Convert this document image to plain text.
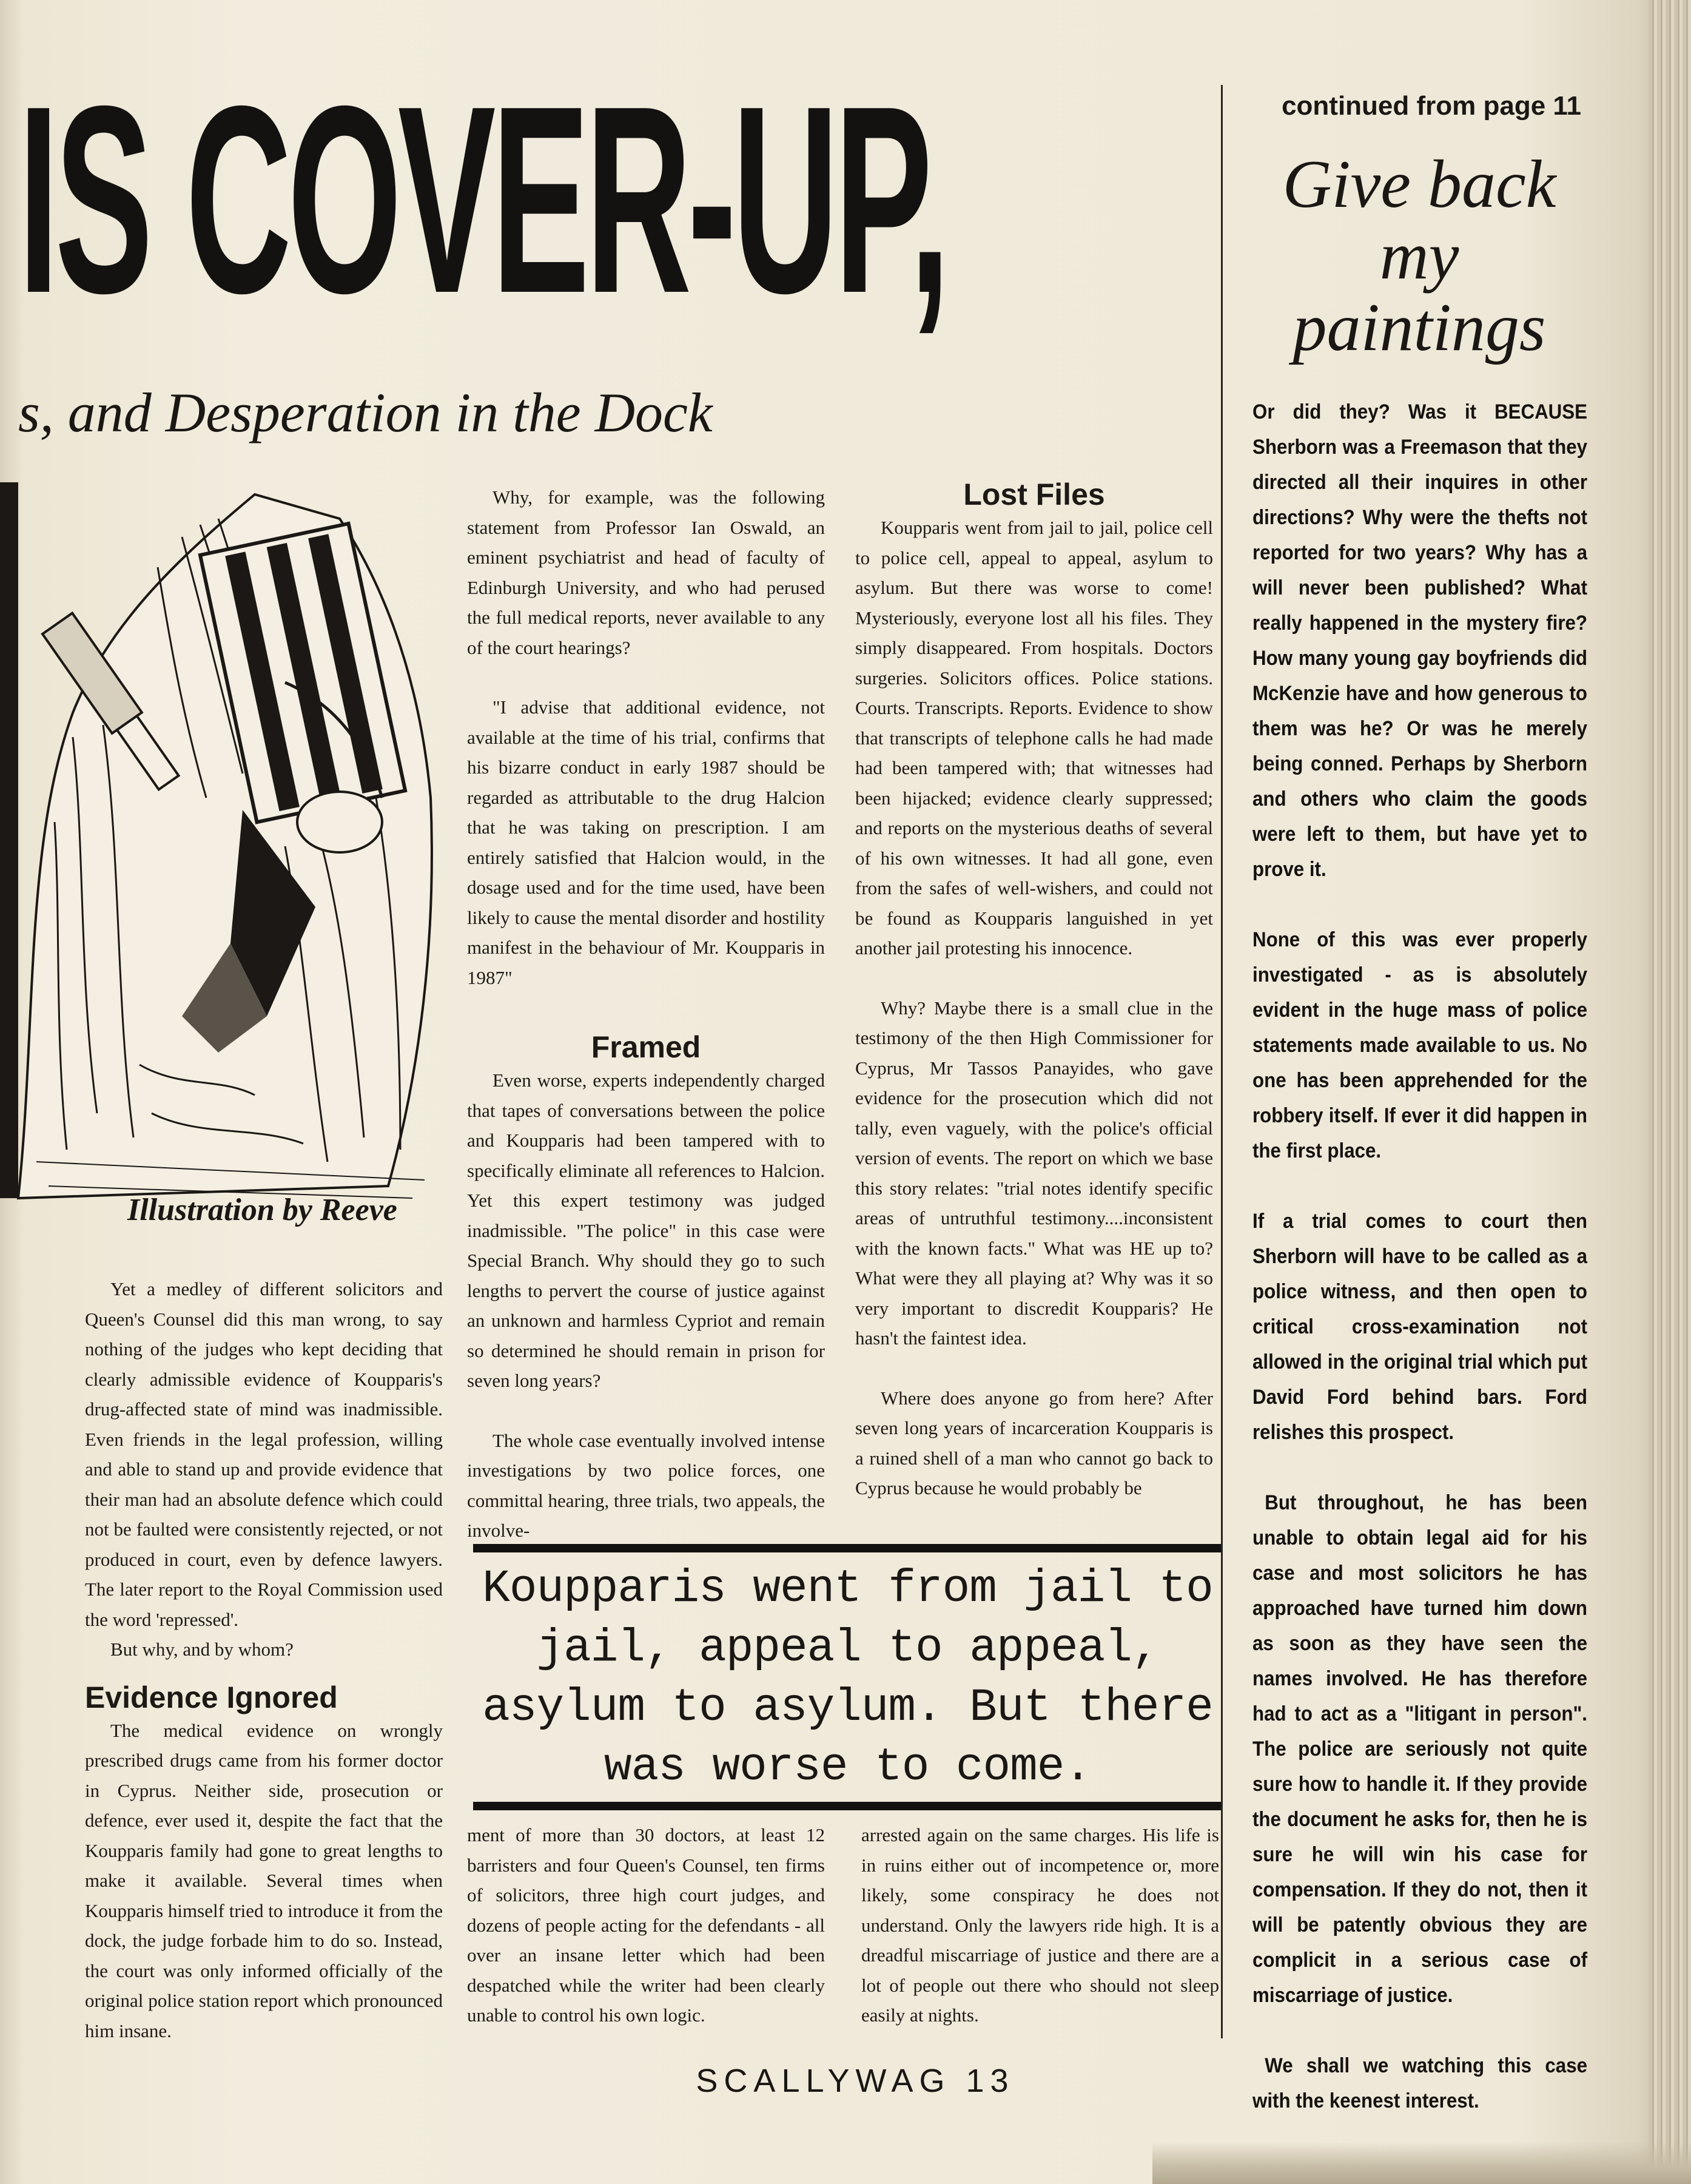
IS COVER-UP,
s, and Desperation in the Dock
Illustration by Reeve

Yet a medley of different solicitors and Queen's Counsel did this man wrong, to say nothing of the judges who kept deciding that clearly admissible evidence of Koupparis's drug-affected state of mind was inadmissible. Even friends in the legal profession, willing and able to stand up and provide evidence that their man had an absolute defence which could not be faulted were consistently rejected, or not produced in court, even by defence lawyers. The later report to the Royal Commission used the word 'repressed'.

But why, and by whom?

Evidence Ignored

The medical evidence on wrongly prescribed drugs came from his former doctor in Cyprus. Neither side, prosecution or defence, ever used it, despite the fact that the Koupparis family had gone to great lengths to make it available. Several times when Koupparis himself tried to introduce it from the dock, the judge forbade him to do so. Instead, the court was only informed officially of the original police station report which pronounced him insane.

Why, for example, was the following statement from Professor Ian Oswald, an eminent psychiatrist and head of faculty of Edinburgh University, and who had perused the full medical reports, never available to any of the court hearings?

"I advise that additional evidence, not available at the time of his trial, confirms that his bizarre conduct in early 1987 should be regarded as attributable to the drug Halcion that he was taking on prescription. I am entirely satisfied that Halcion would, in the dosage used and for the time used, have been likely to cause the mental disorder and hostility manifest in the behaviour of Mr. Koupparis in 1987"

Framed

Even worse, experts independently charged that tapes of conversations between the police and Koupparis had been tampered with to specifically eliminate all references to Halcion. Yet this expert testimony was judged inadmissible. "The police" in this case were Special Branch. Why should they go to such lengths to pervert the course of justice against an unknown and harmless Cypriot and remain so determined he should remain in prison for seven long years?

The whole case eventually involved intense investigations by two police forces, one committal hearing, three trials, two appeals, the involve-

ment of more than 30 doctors, at least 12 barristers and four Queen's Counsel, ten firms of solicitors, three high court judges, and dozens of people acting for the defendants - all over an insane letter which had been despatched while the writer had been clearly unable to control his own logic.

Lost Files

Koupparis went from jail to jail, police cell to police cell, appeal to appeal, asylum to asylum. But there was worse to come! Mysteriously, everyone lost all his files. They simply disappeared. From hospitals. Doctors surgeries. Solicitors offices. Police stations. Courts. Transcripts. Reports. Evidence to show that transcripts of telephone calls he had made had been tampered with; that witnesses had been hijacked; evidence clearly suppressed; and reports on the mysterious deaths of several of his own witnesses. It had all gone, even from the safes of well-wishers, and could not be found as Koupparis languished in yet another jail protesting his innocence.

Why? Maybe there is a small clue in the testimony of the then High Commissioner for Cyprus, Mr Tassos Panayides, who gave evidence for the prosecution which did not tally, even vaguely, with the police's official version of events. The report on which we base this story relates: "trial notes identify specific areas of untruthful testimony....inconsistent with the known facts." What was HE up to? What were they all playing at? Why was it so very important to discredit Koupparis? He hasn't the faintest idea.

Where does anyone go from here? After seven long years of incarceration Koupparis is a ruined shell of a man who cannot go back to Cyprus because he would probably be

arrested again on the same charges. His life is in ruins either out of incompetence or, more likely, some conspiracy he does not understand. Only the lawyers ride high. It is a dreadful miscarriage of justice and there are a lot of people out there who should not sleep easily at nights.

Koupparis went from jail to jail, appeal to appeal, asylum to asylum. But there was worse to come.
continued from page 11
Give back
my
paintings

Or did they? Was it BECAUSE Sherborn was a Freemason that they directed all their inquires in other directions? Why were the thefts not reported for two years? Why has a will never been published? What really happened in the mystery fire? How many young gay boyfriends did McKenzie have and how generous to them was he? Or was he merely being conned. Perhaps by Sherborn and others who claim the goods were left to them, but have yet to prove it.

None of this was ever properly investigated - as is absolutely evident in the huge mass of police statements made available to us. No one has been apprehended for the robbery itself. If ever it did happen in the first place.

If a trial comes to court then Sherborn will have to be called as a police witness, and then open to critical cross-examination not allowed in the original trial which put David Ford behind bars. Ford relishes this prospect.

But throughout, he has been unable to obtain legal aid for his case and most solicitors he has approached have turned him down as soon as they have seen the names involved. He has therefore had to act as a "litigant in person". The police are seriously not quite sure how to handle it. If they provide the document he asks for, then he is sure he will win his case for compensation. If they do not, then it will be patently obvious they are complicit in a serious case of miscarriage of justice.

We shall we watching this case with the keenest interest.

SCALLYWAG 13
